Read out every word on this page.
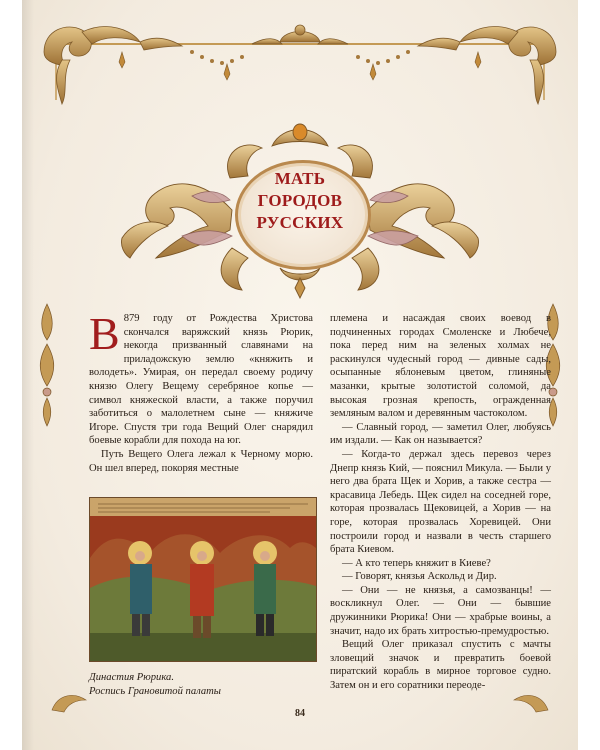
МАТЬ
ГОРОДОВ
РУССКИХ

В 879 году от Рождества Христова скончался варяжский князь Рюрик, некогда призванный славянами на приладожскую землю «княжить и володеть». Умирая, он передал своему родичу князю Олегу Вещему серебряное копье — символ княжеской власти, а также поручил заботиться о малолетнем сыне — княжиче Игоре. Спустя три года Вещий Олег снарядил боевые корабли для похода на юг.

Путь Вещего Олега лежал к Черному морю. Он шел вперед, покоряя местные

Династия Рюрика.
Роспись Грановитой палаты

племена и насаждая своих воевод в подчиненных городах Смоленске и Любече, пока перед ним на зеленых холмах не раскинулся чудесный город — дивные сады, осыпанные яблоневым цветом, глиняные мазанки, крытые золотистой соломой, да высокая грозная крепость, огражденная земляным валом и деревянным частоколом.

— Славный город, — заметил Олег, любуясь им издали. — Как он называется?

— Когда-то держал здесь перевоз через Днепр князь Кий, — пояснил Микула. — Были у него два брата Щек и Хорив, а также сестра — красавица Лебедь. Щек сидел на соседней горе, которая прозвалась Щековицей, а Хорив — на горе, которая прозвалась Хоревицей. Они построили город и назвали в честь старшего брата Киевом.

— А кто теперь княжит в Киеве?

— Говорят, князья Аскольд и Дир.

— Они — не князья, а самозванцы! — воскликнул Олег. — Они — бывшие дружинники Рюрика! Они — храбрые воины, а значит, надо их брать хитростью-премудростью.

Вещий Олег приказал спустить с мачты зловещий значок и превратить боевой пиратский корабль в мирное торговое судно. Затем он и его соратники переоде-

84
